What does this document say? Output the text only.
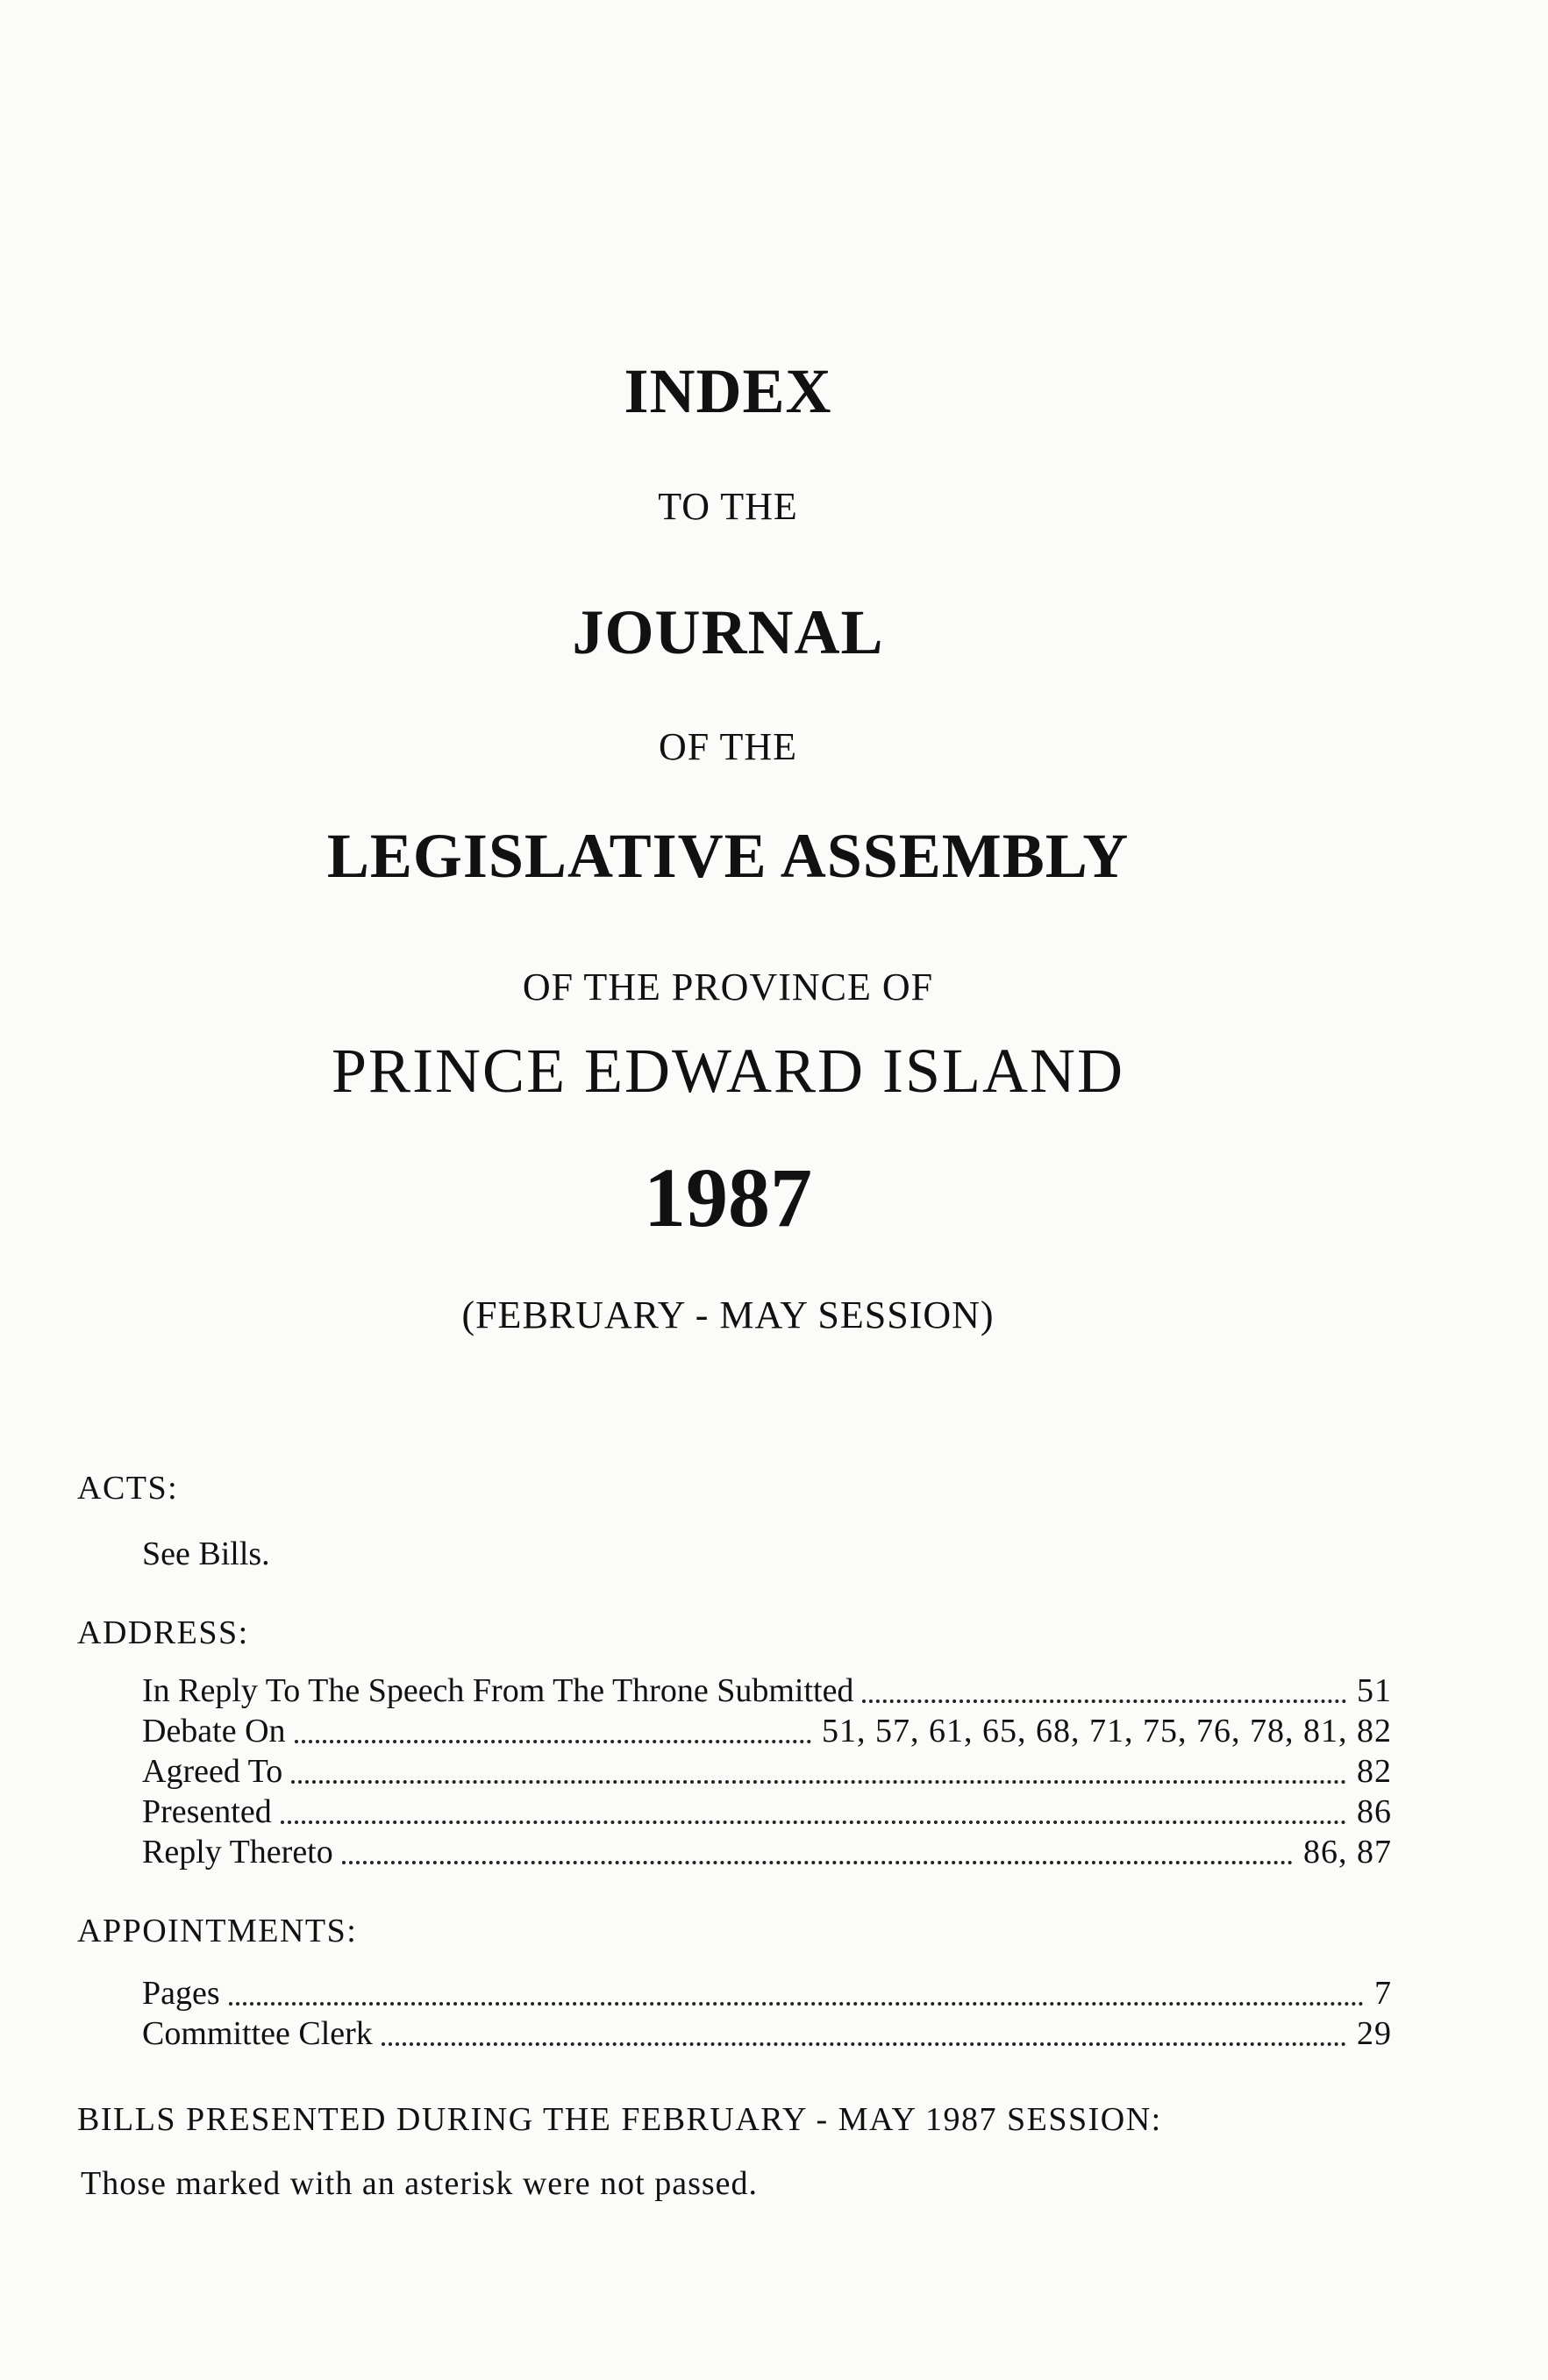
INDEX
TO THE
JOURNAL
OF THE
LEGISLATIVE ASSEMBLY
OF THE PROVINCE OF
PRINCE EDWARD ISLAND
1987
(FEBRUARY - MAY SESSION)
ACTS:
See Bills.
ADDRESS:
In Reply To The Speech From The Throne Submitted	51
Debate On	51, 57, 61, 65, 68, 71, 75, 76, 78, 81, 82
Agreed To	82
Presented	86
Reply Thereto	86, 87
APPOINTMENTS:
Pages	7
Committee Clerk	29
BILLS PRESENTED DURING THE FEBRUARY - MAY 1987 SESSION:
Those marked with an asterisk were not passed.
